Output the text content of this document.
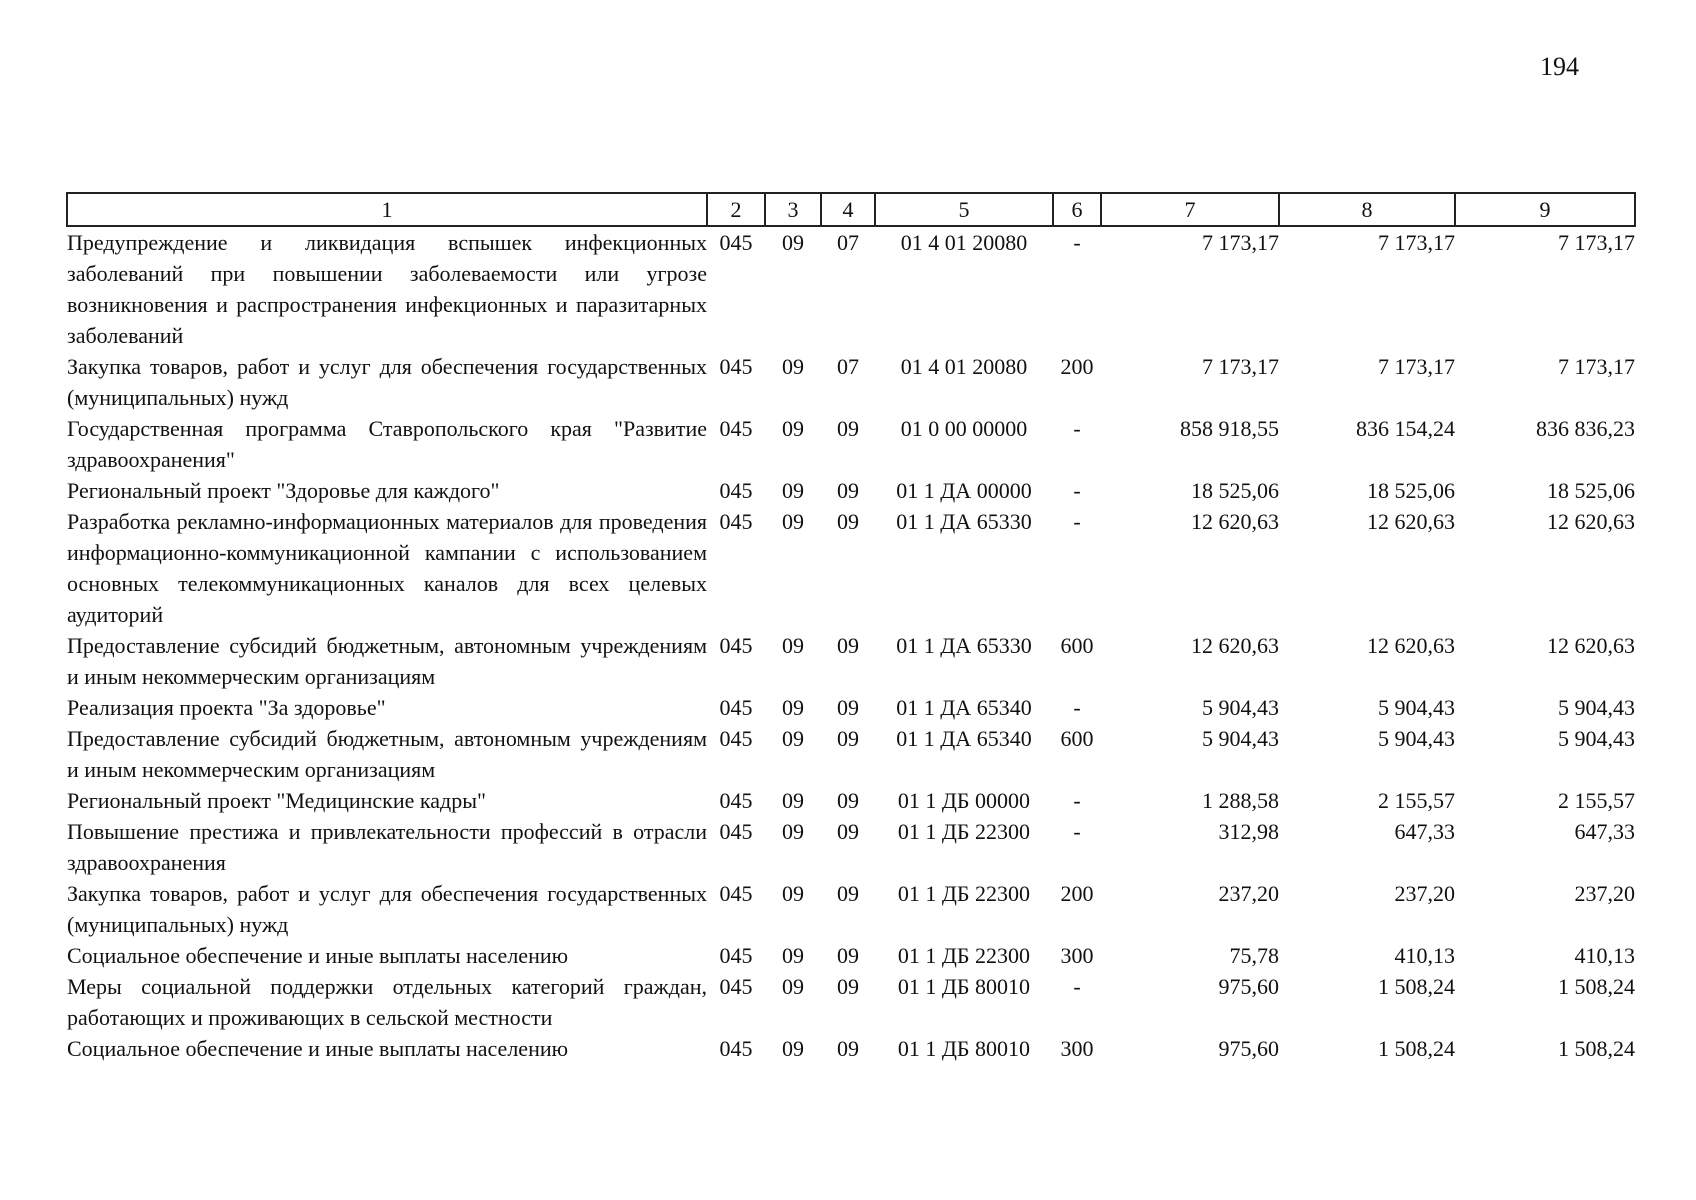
194
1	2	3	4	5	6	7	8	9
Предупреждение и ликвидация вспышек инфекционных заболеваний при повышении заболеваемости или угрозе возникновения и распространения инфекционных и паразитарных заболеваний	045	09	07	01 4 01 20080	-	7 173,17	7 173,17	7 173,17
Закупка товаров, работ и услуг для обеспечения государственных (муниципальных) нужд	045	09	07	01 4 01 20080	200	7 173,17	7 173,17	7 173,17
Государственная программа Ставропольского края "Развитие здравоохранения"	045	09	09	01 0 00 00000	-	858 918,55	836 154,24	836 836,23
Региональный проект "Здоровье для каждого"	045	09	09	01 1 ДА 00000	-	18 525,06	18 525,06	18 525,06
Разработка рекламно-информационных материалов для проведения информационно-коммуникационной кампании с использованием основных телекоммуникационных каналов для всех целевых аудиторий	045	09	09	01 1 ДА 65330	-	12 620,63	12 620,63	12 620,63
Предоставление субсидий бюджетным, автономным учреждениям и иным некоммерческим организациям	045	09	09	01 1 ДА 65330	600	12 620,63	12 620,63	12 620,63
Реализация проекта "За здоровье"	045	09	09	01 1 ДА 65340	-	5 904,43	5 904,43	5 904,43
Предоставление субсидий бюджетным, автономным учреждениям и иным некоммерческим организациям	045	09	09	01 1 ДА 65340	600	5 904,43	5 904,43	5 904,43
Региональный проект "Медицинские кадры"	045	09	09	01 1 ДБ 00000	-	1 288,58	2 155,57	2 155,57
Повышение престижа и привлекательности профессий в отрасли здравоохранения	045	09	09	01 1 ДБ 22300	-	312,98	647,33	647,33
Закупка товаров, работ и услуг для обеспечения государственных (муниципальных) нужд	045	09	09	01 1 ДБ 22300	200	237,20	237,20	237,20
Социальное обеспечение и иные выплаты населению	045	09	09	01 1 ДБ 22300	300	75,78	410,13	410,13
Меры социальной поддержки отдельных категорий граждан, работающих и проживающих в сельской местности	045	09	09	01 1 ДБ 80010	-	975,60	1 508,24	1 508,24
Социальное обеспечение и иные выплаты населению	045	09	09	01 1 ДБ 80010	300	975,60	1 508,24	1 508,24
